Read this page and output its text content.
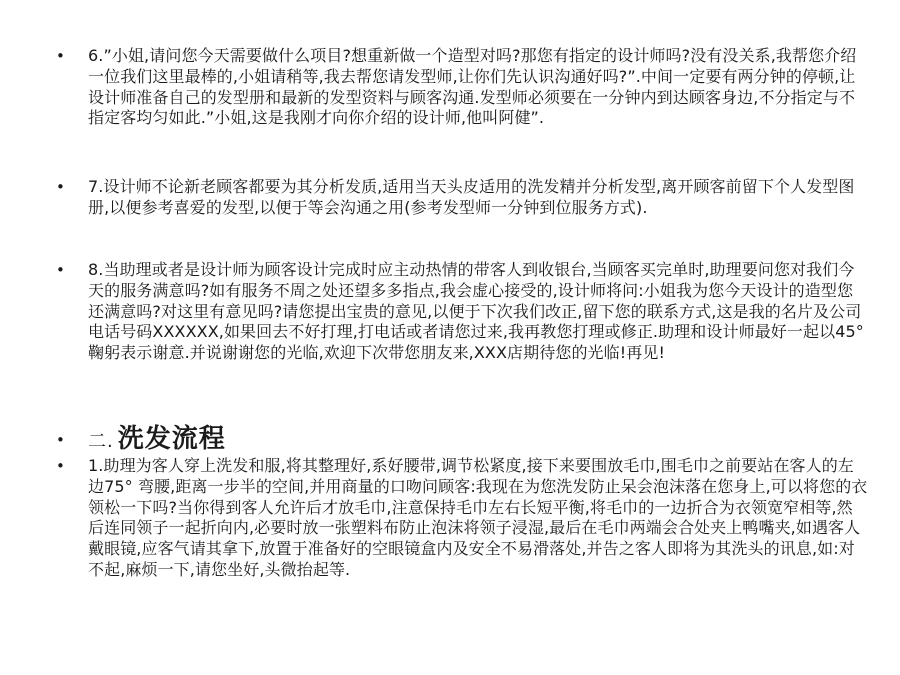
• 6.”小姐,请问您今天需要做什么项目?想重新做一个造型对吗?那您有指定的设计师吗?没有没关系,我帮您介绍一位我们这里最棒的,小姐请稍等,我去帮您请发型师,让你们先认识沟通好吗?”.中间一定要有两分钟的停顿,让设计师准备自己的发型册和最新的发型资料与顾客沟通.发型师必须要在一分钟内到达顾客身边,不分指定与不指定客均匀如此.”小姐,这是我刚才向你介绍的设计师,他叫阿健”.

• 7.设计师不论新老顾客都要为其分析发质,适用当天头皮适用的洗发精并分析发型,离开顾客前留下个人发型图册,以便参考喜爱的发型,以便于等会沟通之用(参考发型师一分钟到位服务方式).

• 8.当助理或者是设计师为顾客设计完成时应主动热情的带客人到收银台,当顾客买完单时,助理要问您对我们今天的服务满意吗?如有服务不周之处还望多多指点,我会虚心接受的,设计师将问:小姐我为您今天设计的造型您还满意吗?对这里有意见吗?请您提出宝贵的意见,以便于下次我们改正,留下您的联系方式,这是我的名片及公司电话号码XXXXXX,如果回去不好打理,打电话或者请您过来,我再教您打理或修正.助理和设计师最好一起以45° 鞠躬表示谢意.并说谢谢您的光临,欢迎下次带您朋友来,XXX店期待您的光临!再见!

• 二. 洗发流程
• 1.助理为客人穿上洗发和服,将其整理好,系好腰带,调节松紧度,接下来要围放毛巾,围毛巾之前要站在客人的左边75° 弯腰,距离一步半的空间,并用商量的口吻问顾客:我现在为您洗发防止呆会泡沫落在您身上,可以将您的衣领松一下吗?当你得到客人允许后才放毛巾,注意保持毛巾左右长短平衡,将毛巾的一边折合为衣领宽窄相等,然后连同领子一起折向内,必要时放一张塑料布防止泡沫将领子浸湿,最后在毛巾两端会合处夹上鸭嘴夹,如遇客人戴眼镜,应客气请其拿下,放置于准备好的空眼镜盒内及安全不易滑落处,并告之客人即将为其洗头的讯息,如:对不起,麻烦一下,请您坐好,头微抬起等.
